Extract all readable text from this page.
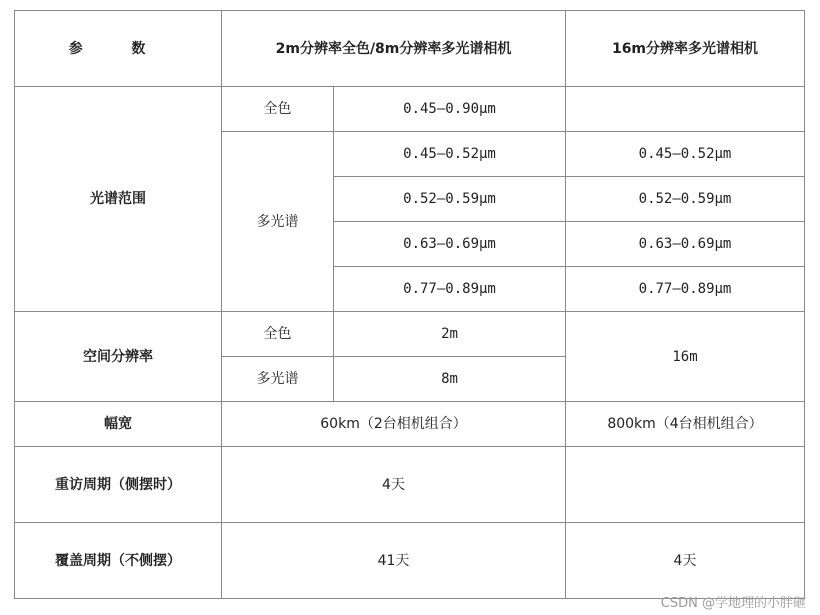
参 数	2m分辨率全色/8m分辨率多光谱相机		16m分辨率多光谱相机
光谱范围	全色	0.45—0.90μm	
	多光谱	0.45—0.52μm	0.45—0.52μm
		0.52—0.59μm	0.52—0.59μm
		0.63—0.69μm	0.63—0.69μm
		0.77—0.89μm	0.77—0.89μm
空间分辨率	全色	2m	16m
	多光谱	8m	
幅宽	60km（2台相机组合）		800km（4台相机组合）
重访周期（侧摆时）	4天		
覆盖周期（不侧摆）	41天		4天
CSDN @学地理的小胖砸
